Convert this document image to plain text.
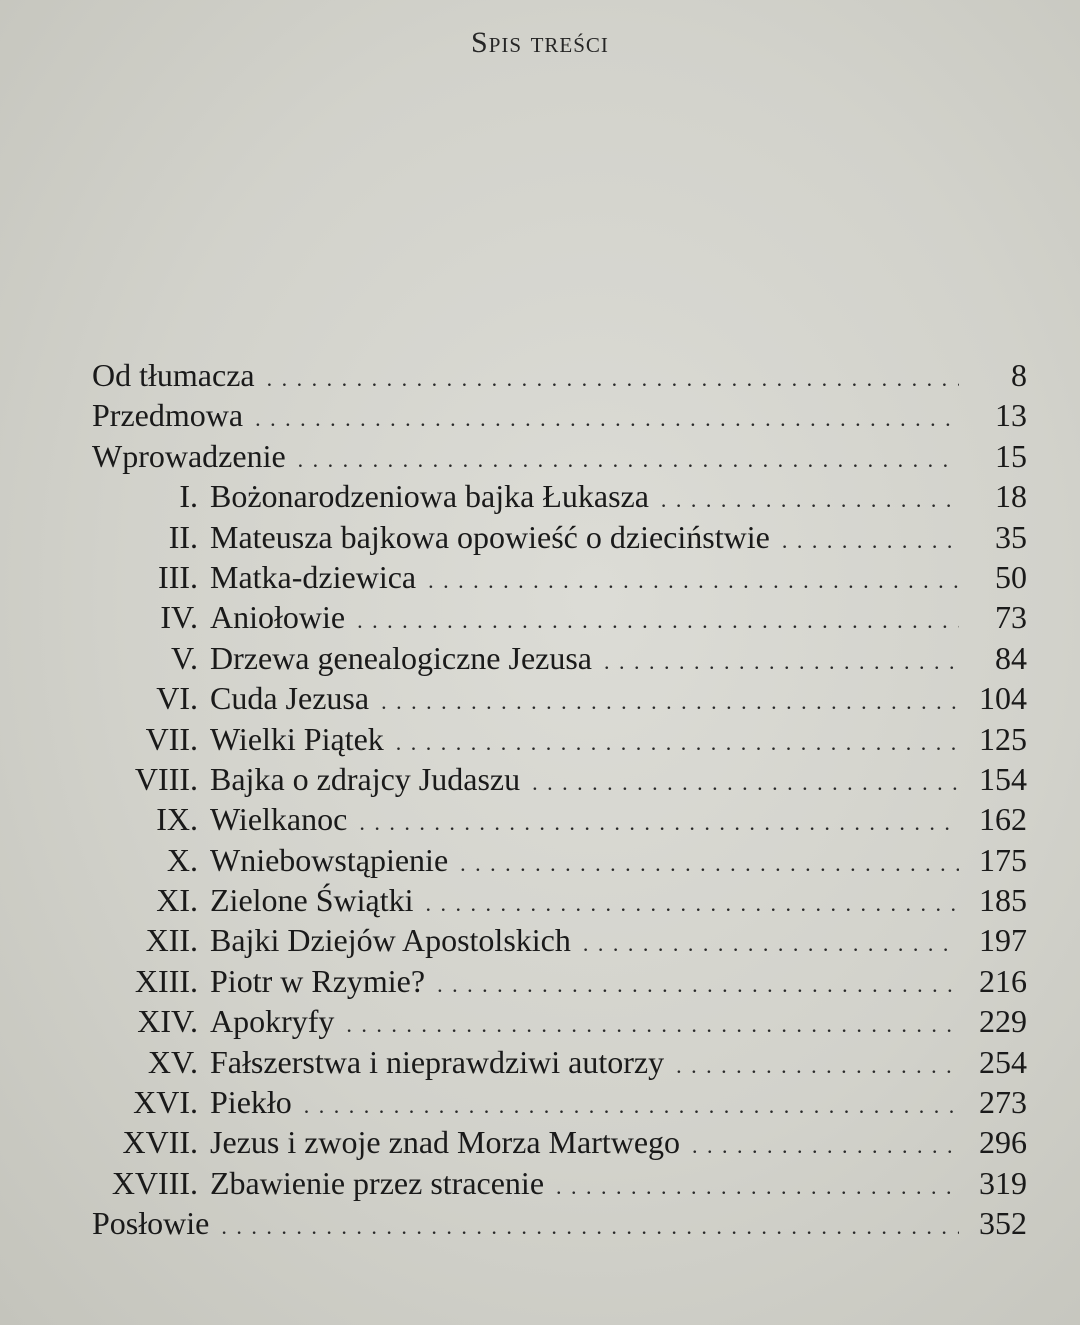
Spis treści
Od tłumacza . . .	8
Przedmowa . . .	13
Wprowadzenie . . .	15
I. Bożonarodzeniowa bajka Łukasza . . .	18
II. Mateusza bajkowa opowieść o dzieciństwie . . .	35
III. Matka-dziewica . . .	50
IV. Aniołowie . . .	73
V. Drzewa genealogiczne Jezusa . . .	84
VI. Cuda Jezusa . . .	104
VII. Wielki Piątek . . .	125
VIII. Bajka o zdrajcy Judaszu . . .	154
IX. Wielkanoc . . .	162
X. Wniebowstąpienie . . .	175
XI. Zielone Świątki . . .	185
XII. Bajki Dziejów Apostolskich . . .	197
XIII. Piotr w Rzymie? . . .	216
XIV. Apokryfy . . .	229
XV. Fałszerstwa i nieprawdziwi autorzy . . .	254
XVI. Piekło . . .	273
XVII. Jezus i zwoje znad Morza Martwego . . .	296
XVIII. Zbawienie przez stracenie . . .	319
Posłowie . . .	352
